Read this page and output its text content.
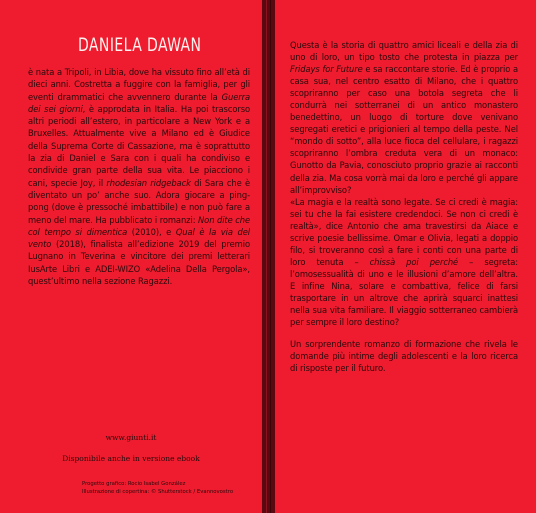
DANIELA DAWAN

è nata a Tripoli, in Libia, dove ha vissuto fino all’età di dieci anni. Costretta a fuggire con la famiglia, per gli eventi drammatici che avvennero durante la Guerra dei sei giorni, è approdata in Italia. Ha poi trascorso altri periodi all’estero, in particolare a New York e a Bruxelles. Attualmente vive a Milano ed è Giudice della Suprema Corte di Cassazione, ma è soprattutto la zia di Daniel e Sara con i quali ha condiviso e condivide gran parte della sua vita. Le piacciono i cani, specie Joy, il rhodesian ridgeback di Sara che è diventato un po’ anche suo. Adora giocare a ping-pong (dove è pressoché imbattibile) e non può fare a meno del mare. Ha pubblicato i romanzi: Non dite che col tempo si dimentica (2010), e Qual è la via del vento (2018), finalista all’edizione 2019 del premio Lugnano in Teverina e vincitore dei premi letterari IusArte Libri e ADEI-WIZO «Adelina Della Pergola», quest’ultimo nella sezione Ragazzi.

www.giunti.it
Disponibile anche in versione ebook
Progetto grafico: Rocio Isabel González
Illustrazione di copertina: © Shutterstock / Evannovostro

Questa è la storia di quattro amici liceali e della zia di uno di loro, un tipo tosto che protesta in piazza per Fridays for Future e sa raccontare storie. Ed è proprio a casa sua, nel centro esatto di Milano, che i quattro scopriranno per caso una botola segreta che li condurrà nei sotterranei di un antico monastero benedettino, un luogo di torture dove venivano segregati eretici e prigionieri al tempo della peste. Nel “mondo di sotto”, alla luce fioca del cellulare, i ragazzi scopriranno l’ombra creduta vera di un monaco: Gunotto da Pavia, conosciuto proprio grazie ai racconti della zia. Ma cosa vorrà mai da loro e perché gli appare all’improvviso?

«La magia e la realtà sono legate. Se ci credi è magia: sei tu che la fai esistere credendoci. Se non ci credi è realtà», dice Antonio che ama travestirsi da Aiace e scrive poesie bellissime. Omar e Olivia, legati a doppio filo, si troveranno così a fare i conti con una parte di loro tenuta – chissà poi perché – segreta: l’omosessualità di uno e le illusioni d’amore dell’altra. E infine Nina, solare e combattiva, felice di farsi trasportare in un altrove che aprirà squarci inattesi nella sua vita familiare. Il viaggio sotterraneo cambierà per sempre il loro destino?

Un sorprendente romanzo di formazione che rivela le domande più intime degli adolescenti e la loro ricerca di risposte per il futuro.
